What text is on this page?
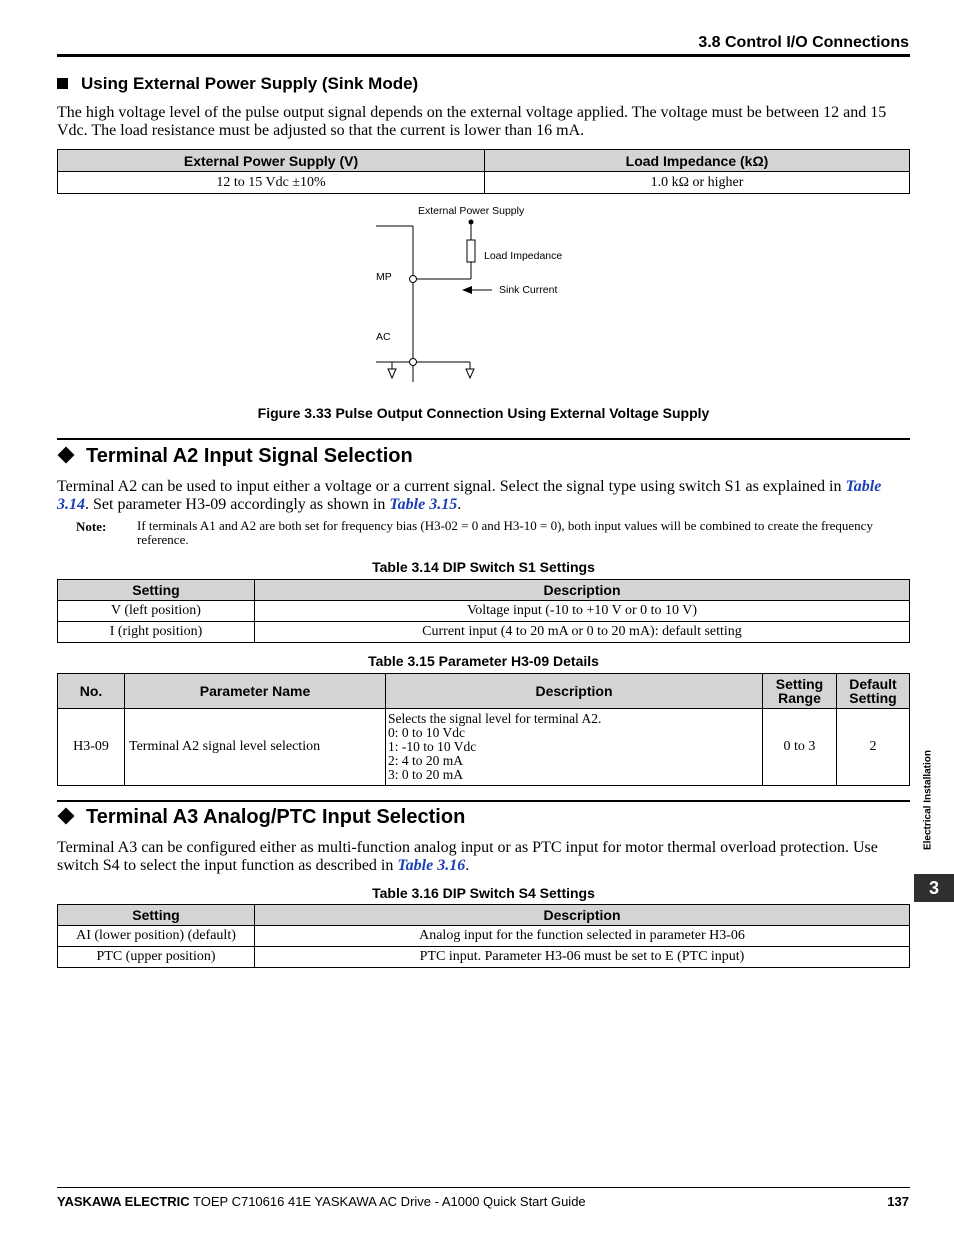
3.8 Control I/O Connections
Using External Power Supply (Sink Mode)
The high voltage level of the pulse output signal depends on the external voltage applied. The voltage must be between 12 and 15 Vdc. The load resistance must be adjusted so that the current is lower than 16 mA.
External Power Supply (V)	Load Impedance (kΩ)
12 to 15 Vdc ±10%	1.0 kΩ or higher
External Power Supply
Load Impedance
MP
Sink Current
AC
Figure 3.33 Pulse Output Connection Using External Voltage Supply
Terminal A2 Input Signal Selection
Terminal A2 can be used to input either a voltage or a current signal. Select the signal type using switch S1 as explained in Table 3.14. Set parameter H3-09 accordingly as shown in Table 3.15.
Note: If terminals A1 and A2 are both set for frequency bias (H3-02 = 0 and H3-10 = 0), both input values will be combined to create the frequency reference.
Table 3.14 DIP Switch S1 Settings
Setting	Description
V (left position)	Voltage input (-10 to +10 V or 0 to 10 V)
I (right position)	Current input (4 to 20 mA or 0 to 20 mA): default setting
Table 3.15 Parameter H3-09 Details
No.	Parameter Name	Description	Setting Range	Default Setting
H3-09	Terminal A2 signal level selection	Selects the signal level for terminal A2.
0: 0 to 10 Vdc
1: -10 to 10 Vdc
2: 4 to 20 mA
3: 0 to 20 mA	0 to 3	2
Terminal A3 Analog/PTC Input Selection
Terminal A3 can be configured either as multi-function analog input or as PTC input for motor thermal overload protection. Use switch S4 to select the input function as described in Table 3.16.
Table 3.16 DIP Switch S4 Settings
Setting	Description
AI (lower position) (default)	Analog input for the function selected in parameter H3-06
PTC (upper position)	PTC input. Parameter H3-06 must be set to E (PTC input)
Electrical Installation
3
YASKAWA ELECTRIC TOEP C710616 41E YASKAWA AC Drive - A1000 Quick Start Guide	137
